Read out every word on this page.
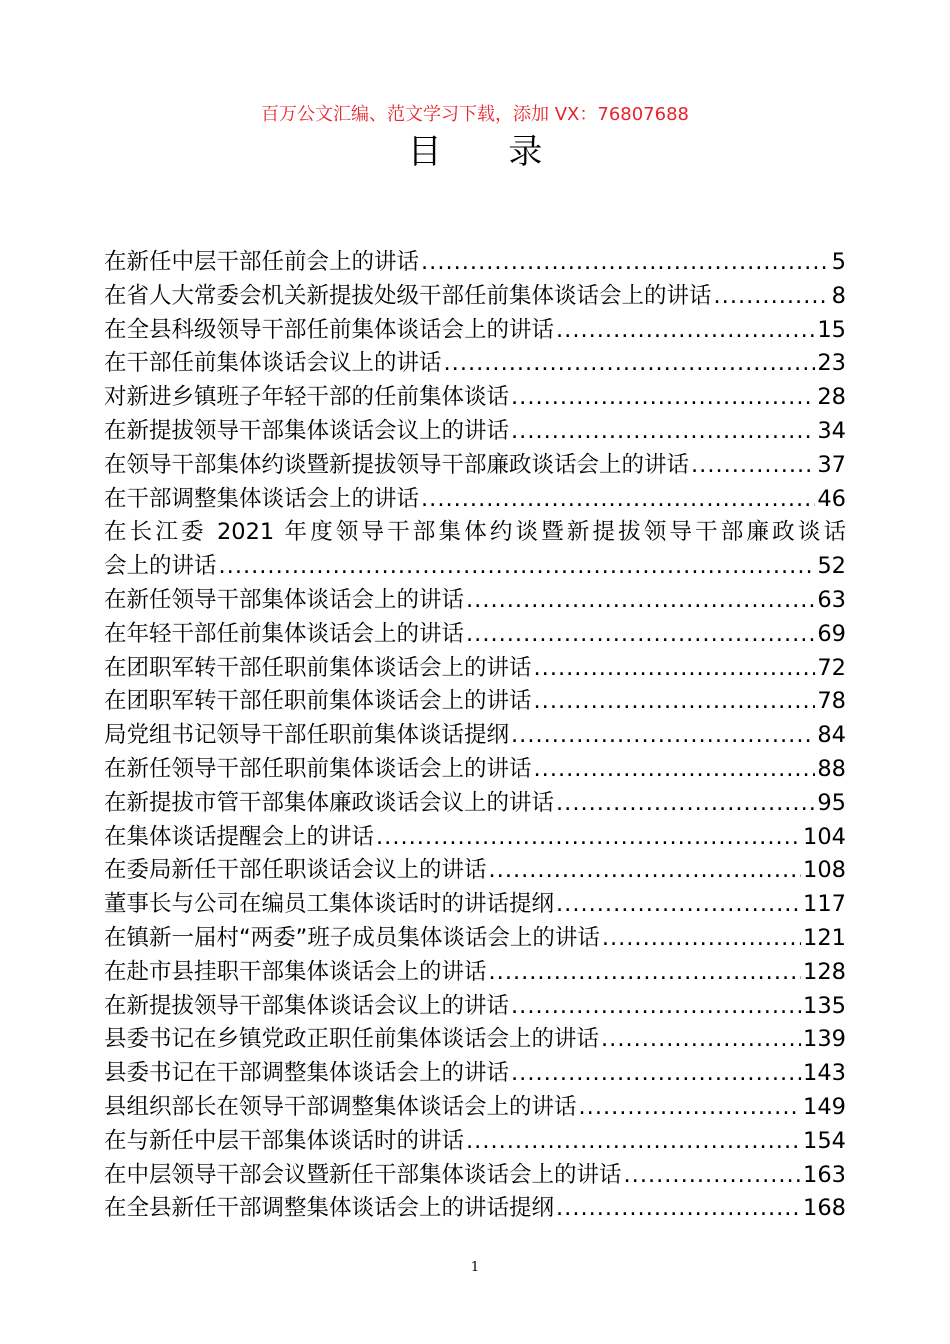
百万公文汇编、范文学习下载，添加 VX：76807688
目 录
在新任中层干部任前会上的讲话 .....	5
在省人大常委会机关新提拔处级干部任前集体谈话会上的讲话 .....	8
在全县科级领导干部任前集体谈话会上的讲话 .....	15
在干部任前集体谈话会议上的讲话 .....	23
对新进乡镇班子年轻干部的任前集体谈话 .....	28
在新提拔领导干部集体谈话会议上的讲话 .....	34
在领导干部集体约谈暨新提拔领导干部廉政谈话会上的讲话 .....	37
在干部调整集体谈话会上的讲话 .....	46
在长江委 2021 年度领导干部集体约谈暨新提拔领导干部廉政谈话
会上的讲话 .....	52
在新任领导干部集体谈话会上的讲话 .....	63
在年轻干部任前集体谈话会上的讲话 .....	69
在团职军转干部任职前集体谈话会上的讲话 .....	72
在团职军转干部任职前集体谈话会上的讲话 .....	78
局党组书记领导干部任职前集体谈话提纲 .....	84
在新任领导干部任职前集体谈话会上的讲话 .....	88
在新提拔市管干部集体廉政谈话会议上的讲话 .....	95
在集体谈话提醒会上的讲话 .....	104
在委局新任干部任职谈话会议上的讲话 .....	108
董事长与公司在编员工集体谈话时的讲话提纲 .....	117
在镇新一届村“两委”班子成员集体谈话会上的讲话 .....	121
在赴市县挂职干部集体谈话会上的讲话 .....	128
在新提拔领导干部集体谈话会议上的讲话 .....	135
县委书记在乡镇党政正职任前集体谈话会上的讲话 .....	139
县委书记在干部调整集体谈话会上的讲话 .....	143
县组织部长在领导干部调整集体谈话会上的讲话 .....	149
在与新任中层干部集体谈话时的讲话 .....	154
在中层领导干部会议暨新任干部集体谈话会上的讲话 .....	163
在全县新任干部调整集体谈话会上的讲话提纲 .....	168
1
